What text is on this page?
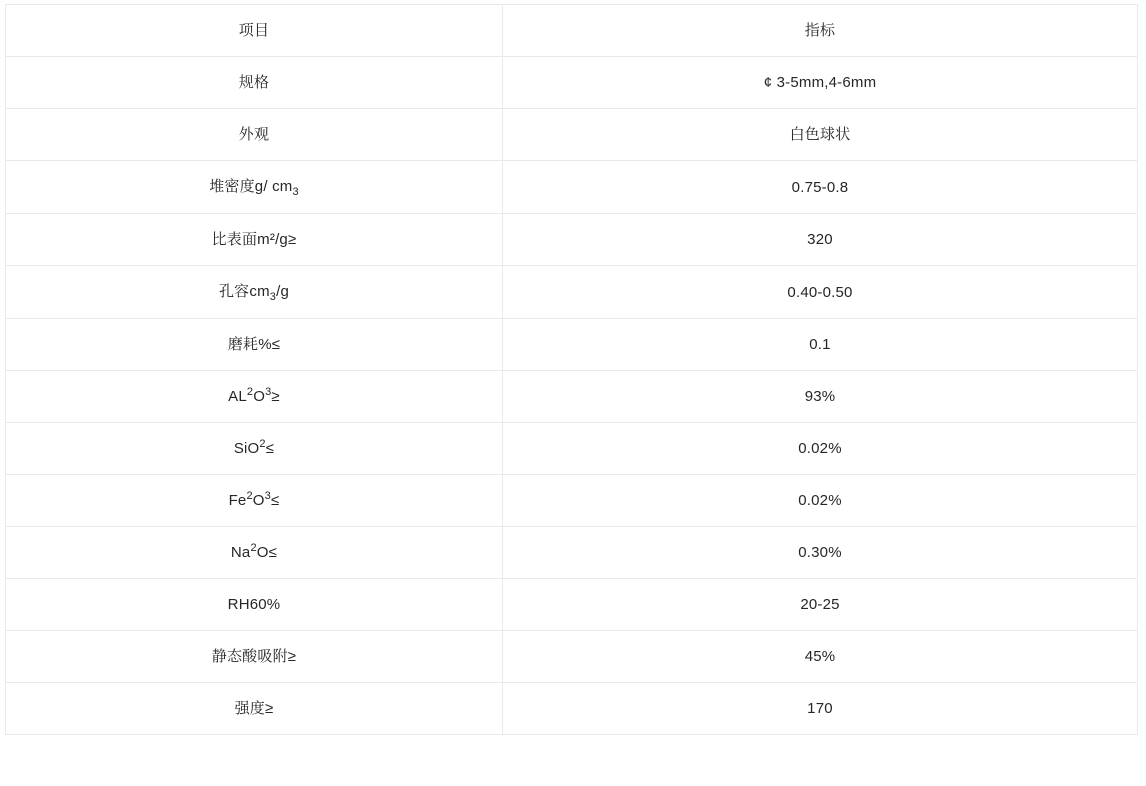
项目	指标
规格	¢ 3-5mm,4-6mm
外观	白色球状
堆密度g/ $cm_3$	0.75-0.8
比表面m²/g≥	320
孔容$cm_3/g$	0.40-0.50
磨耗%≤	0.1
$AL^2O^3\ge$	93%
SiO$^2$≤	0.02%
$Fe^2O^3\le$	0.02%
$Na^2O\le$	0.30%
RH60%	20-25
静态酸吸附≥	45%
强度≥	170
